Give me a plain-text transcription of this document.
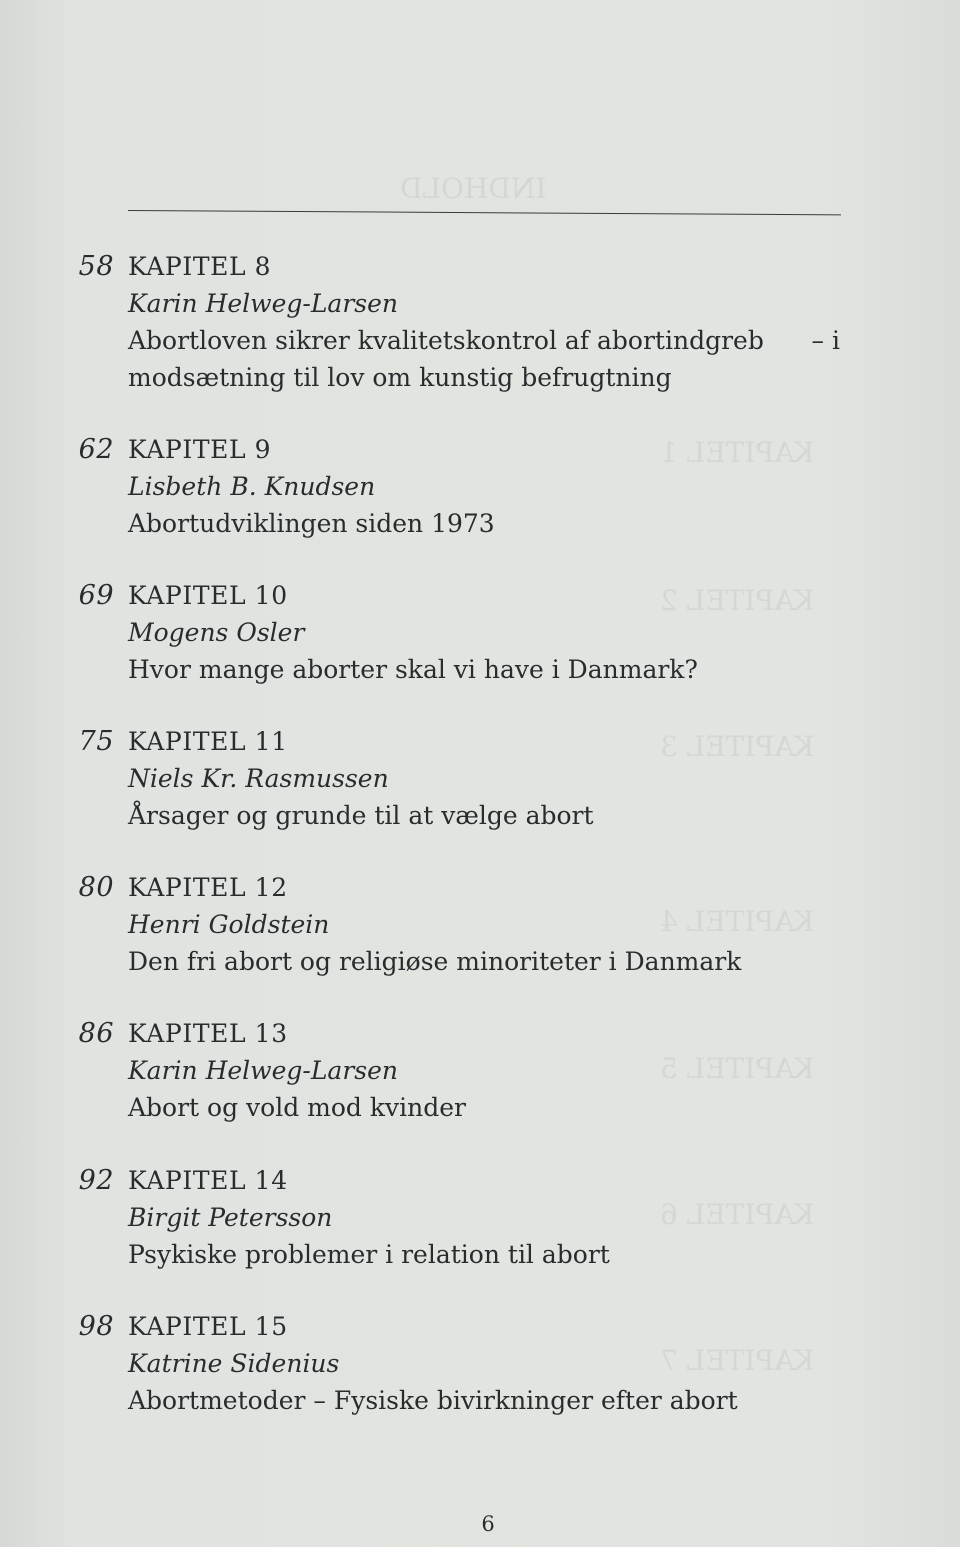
INDHOLD
KAPITEL 1
KAPITEL 2
KAPITEL 3
KAPITEL 4
KAPITEL 5
KAPITEL 6
KAPITEL 7
58 KAPITEL 8
Karin Helweg-Larsen
Abortloven sikrer kvalitetskontrol af abortindgreb – i
modsætning til lov om kunstig befrugtning
62 KAPITEL 9
Lisbeth B. Knudsen
Abortudviklingen siden 1973
69 KAPITEL 10
Mogens Osler
Hvor mange aborter skal vi have i Danmark?
75 KAPITEL 11
Niels Kr. Rasmussen
Årsager og grunde til at vælge abort
80 KAPITEL 12
Henri Goldstein
Den fri abort og religiøse minoriteter i Danmark
86 KAPITEL 13
Karin Helweg-Larsen
Abort og vold mod kvinder
92 KAPITEL 14
Birgit Petersson
Psykiske problemer i relation til abort
98 KAPITEL 15
Katrine Sidenius
Abortmetoder – Fysiske bivirkninger efter abort
6
